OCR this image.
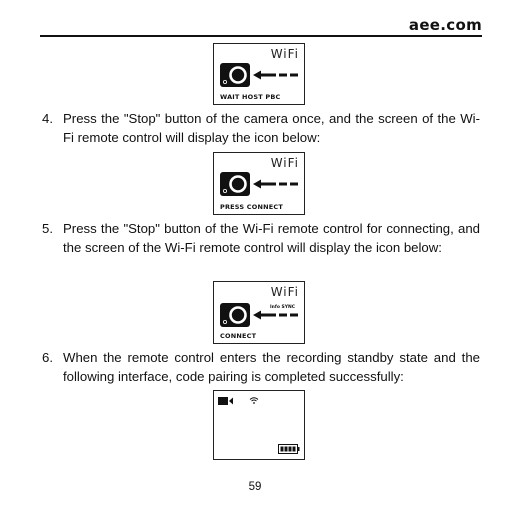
aee.com
WiFi
WAIT HOST PBC
4. Press the "Stop" button of the camera once, and the screen of the Wi-Fi remote control will display the icon below:
WiFi
PRESS CONNECT
5. Press the "Stop" button of the Wi-Fi remote control for connecting, and the screen of the Wi-Fi remote control will display the icon below:
WiFi
Info SYNC
CONNECT
6. When the remote control enters the recording standby state and the following interface, code pairing is completed successfully:
59
